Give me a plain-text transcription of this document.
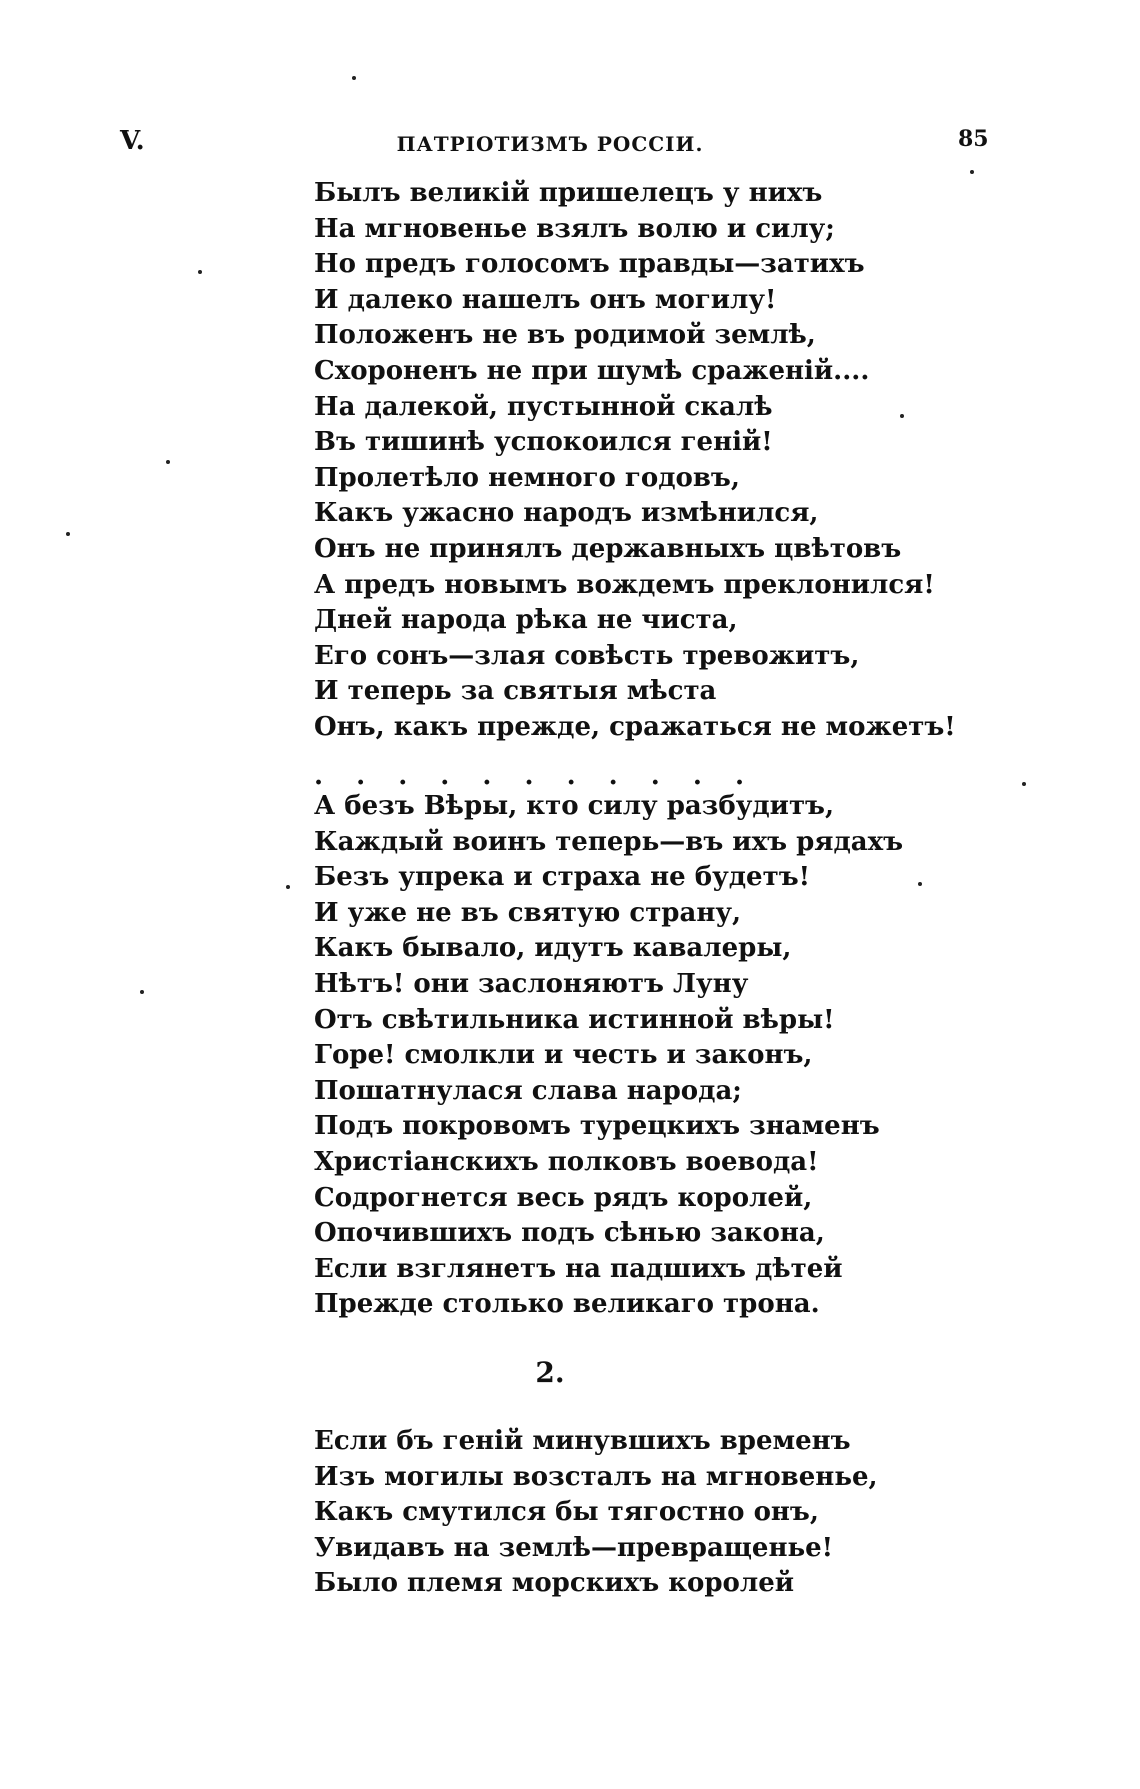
V.	ПАТРІОТИЗМЪ РОССІИ.	85
Былъ великій пришелецъ у нихъ
На мгновенье взялъ волю и силу;
Но предъ голосомъ правды—затихъ
И далеко нашелъ онъ могилу!
Положенъ не въ родимой землѣ,
Схороненъ не при шумѣ сраженій....
На далекой, пустынной скалѣ
Въ тишинѣ успокоился геній!
Пролетѣло немного годовъ,
Какъ ужасно народъ измѣнился,
Онъ не принялъ державныхъ цвѣтовъ
А предъ новымъ вождемъ преклонился!
Дней народа рѣка не чиста,
Его сонъ—злая совѣсть тревожитъ,
И теперь за святыя мѣста
Онъ, какъ прежде, сражаться не можетъ!
. . . . . . . . . . .
А безъ Вѣры, кто силу разбудитъ,
Каждый воинъ теперь—въ ихъ рядахъ
Безъ упрека и страха не будетъ!
И уже не въ святую страну,
Какъ бывало, идутъ кавалеры,
Нѣтъ! они заслоняютъ Луну
Отъ свѣтильника истинной вѣры!
Горе! смолкли и честь и законъ,
Пошатнулася слава народа;
Подъ покровомъ турецкихъ знаменъ
Христіанскихъ полковъ воевода!
Содрогнется весь рядъ королей,
Опочившихъ подъ сѣнью закона,
Если взглянетъ на падшихъ дѣтей
Прежде столько великаго трона.
2.
Если бъ геній минувшихъ временъ
Изъ могилы возсталъ на мгновенье,
Какъ смутился бы тягостно онъ,
Увидавъ на землѣ—превращенье!
Было племя морскихъ королей
